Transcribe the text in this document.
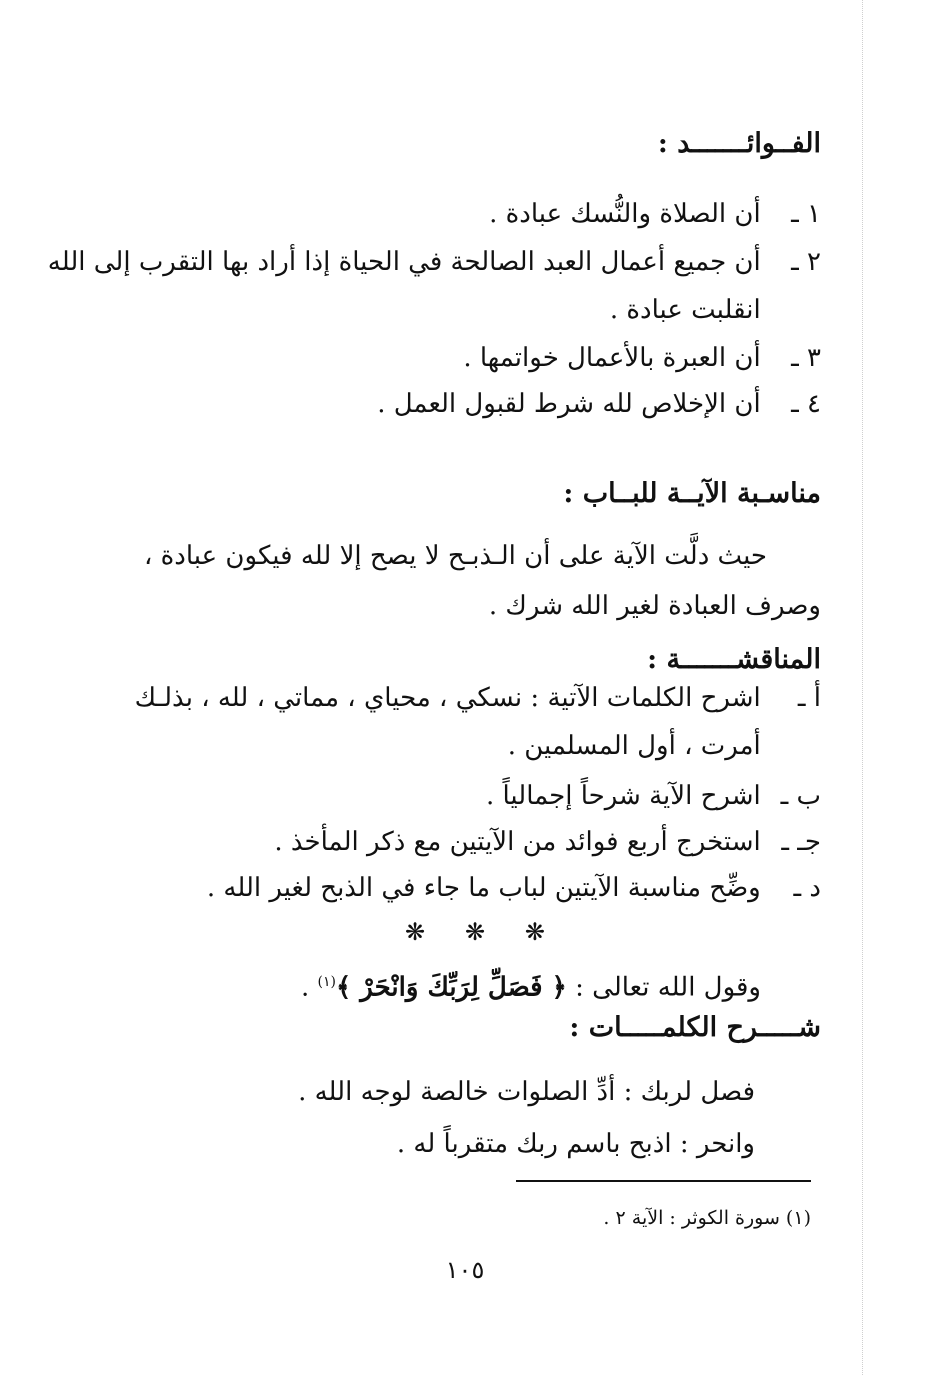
الفــوائـــــــد :
١ ـ أن الصلاة والنُّسك عبادة .
٢ ـ أن جميع أعمال العبد الصالحة في الحياة إذا أراد بها التقرب إلى الله
انقلبت عبادة .
٣ ـ أن العبرة بالأعمال خواتمها .
٤ ـ أن الإخلاص لله شرط لقبول العمل .
مناسـبة الآيــة للبــاب :
حيث دلَّت الآية على أن الـذبـح لا يصح إلا لله فيكون عبادة ،
وصرف العبادة لغير الله شرك .
المناقشـــــــة :
أ ـ اشرح الكلمات الآتية : نسكي ، محياي ، مماتي ، لله ، بذلـك
أمرت ، أول المسلمين .
ب ـ اشرح الآية شرحاً إجمالياً .
جـ ـ استخرج أربع فوائد من الآيتين مع ذكر المأخذ .
د ـ وضِّح مناسبة الآيتين لباب ما جاء في الذبح لغير الله .
❋ ❋ ❋
وقول الله تعالى : ﴿ فَصَلِّ لِرَبِّكَ وَانْحَرْ ﴾$^{(١)}$ .
شـــــرح الكلمـــــات :
فصل لربك : أدِّ الصلوات خالصة لوجه الله .
وانحر : اذبح باسم ربك متقرباً له .
(١) سورة الكوثر : الآية ٢ .
١٠٥
